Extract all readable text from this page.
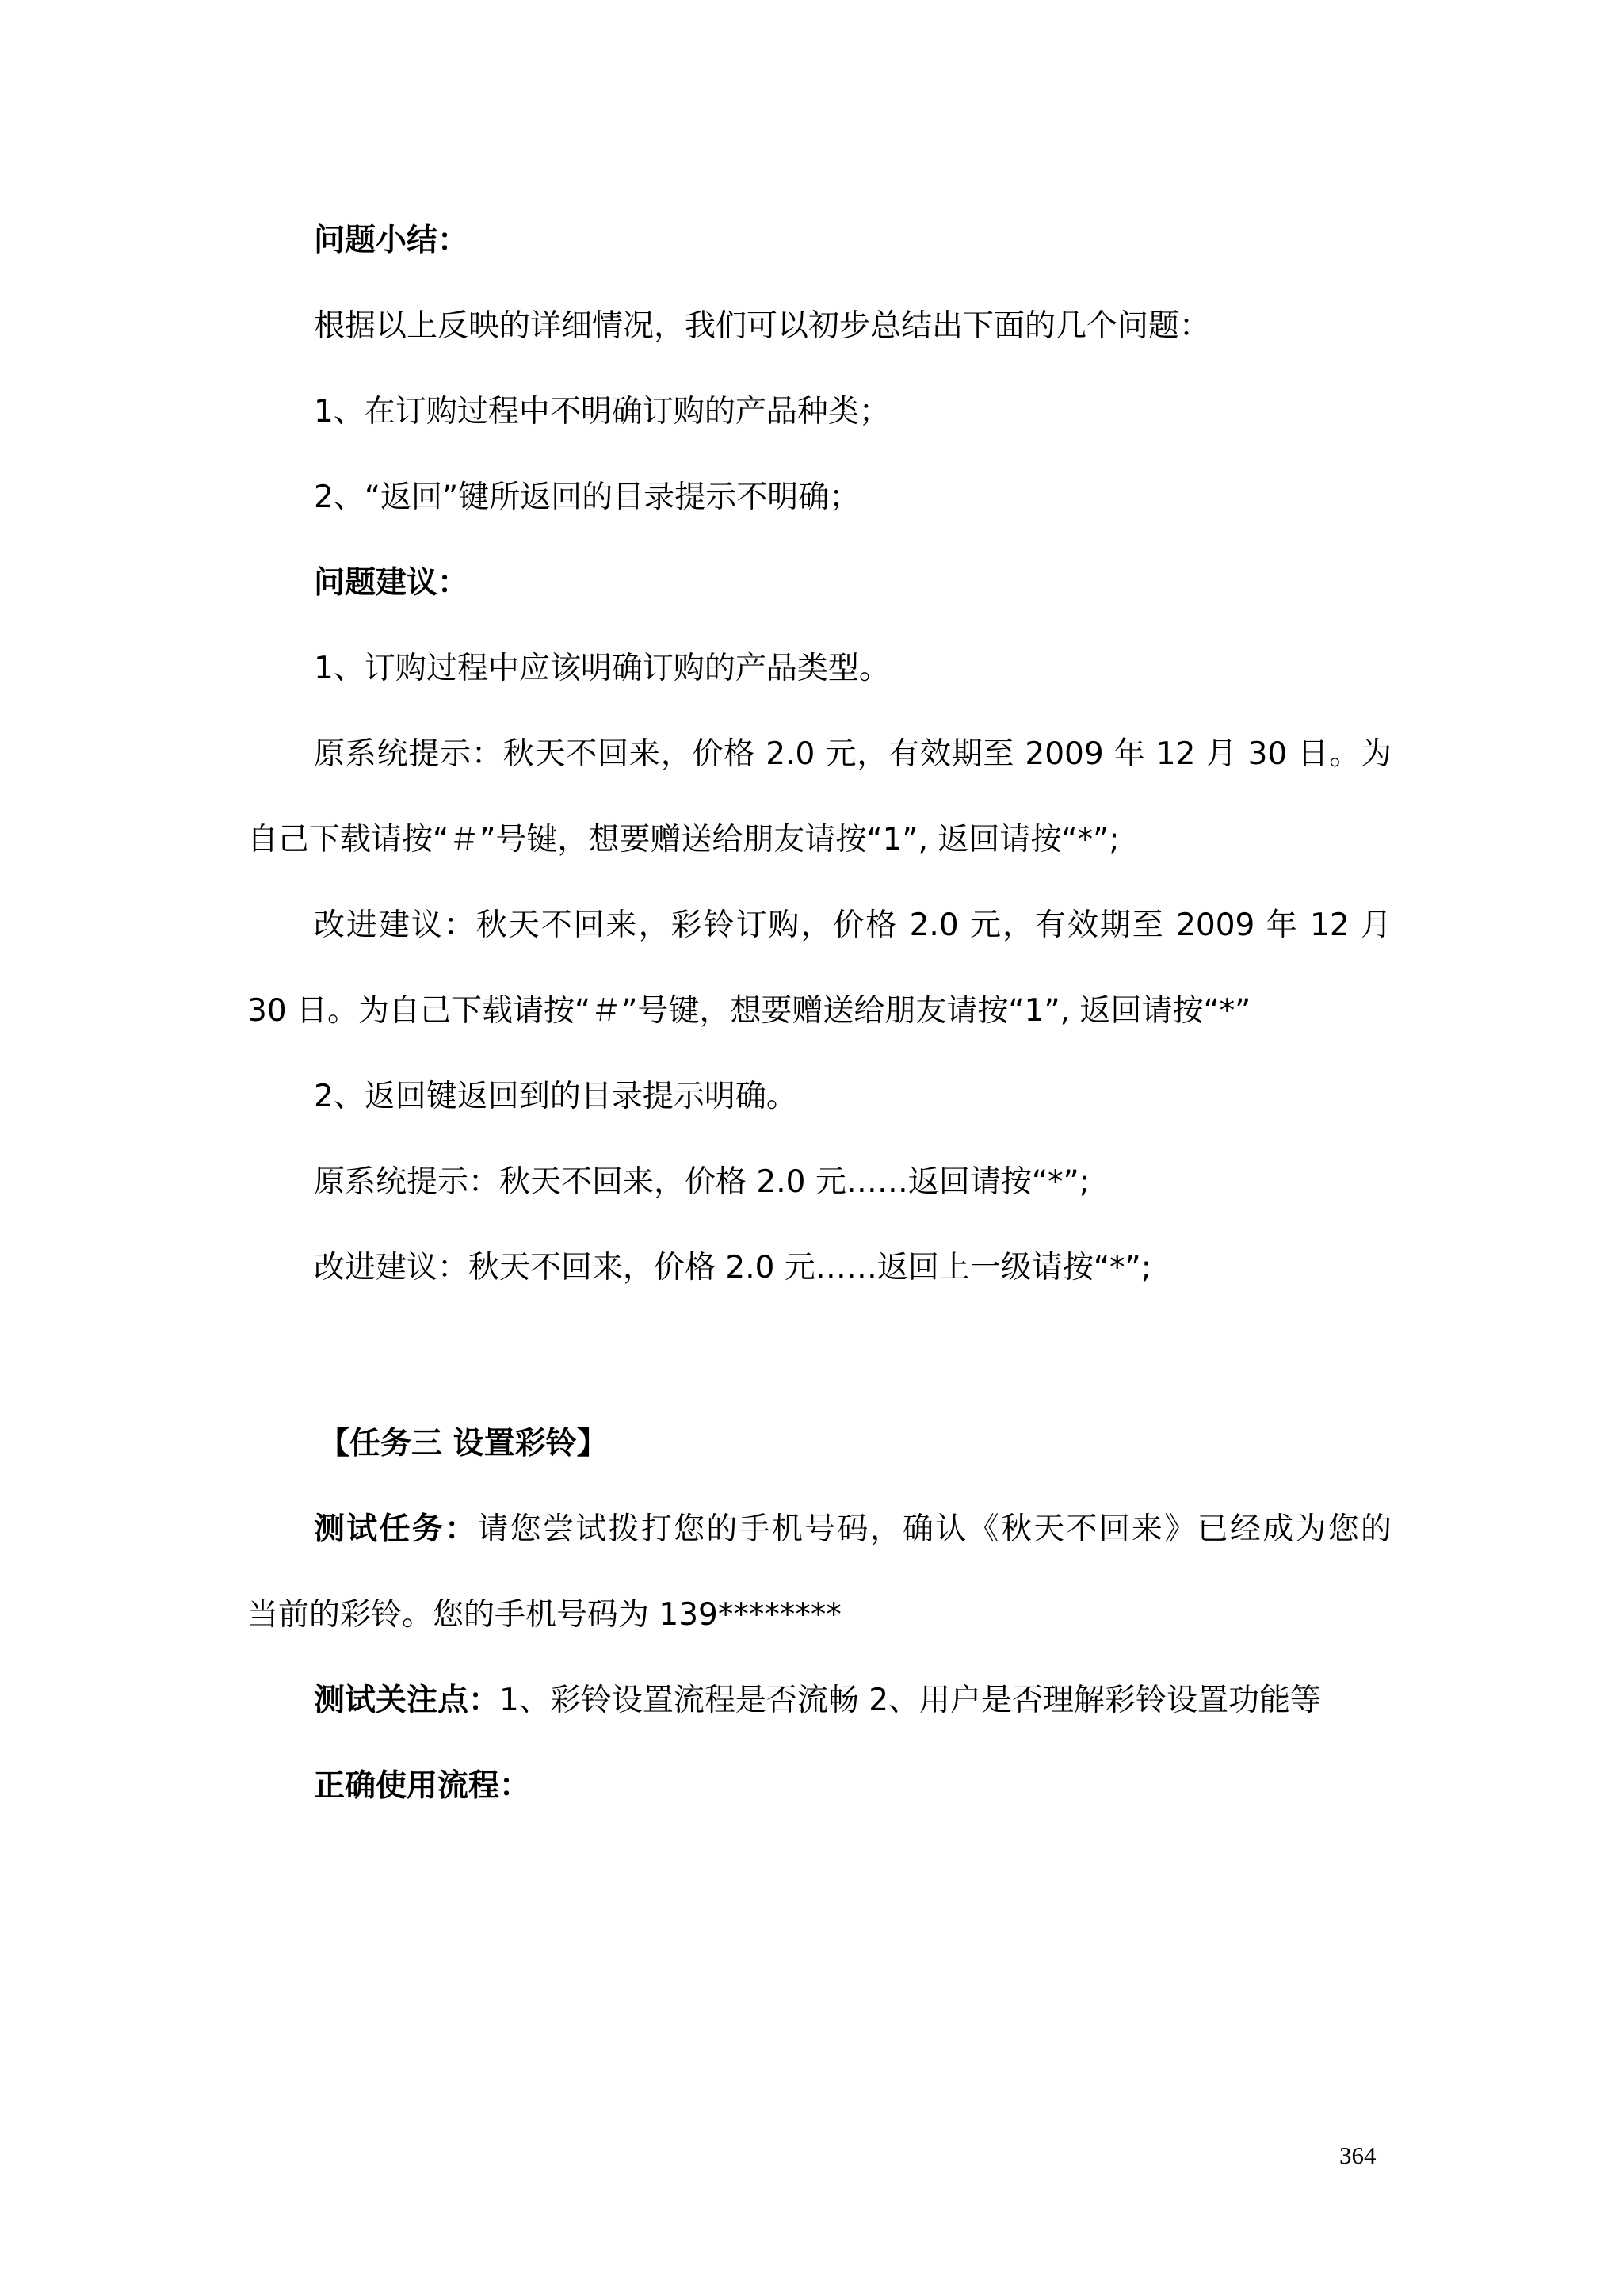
问题小结：
根据以上反映的详细情况，我们可以初步总结出下面的几个问题：
1、在订购过程中不明确订购的产品种类；
2、“返回”键所返回的目录提示不明确；
问题建议：
1、订购过程中应该明确订购的产品类型。
原系统提示：秋天不回来，价格 2.0 元，有效期至 2009 年 12 月 30 日。为
自己下载请按“＃”号键，想要赠送给朋友请按“1”, 返回请按“*”;
改进建议：秋天不回来，彩铃订购，价格 2.0 元，有效期至 2009 年 12 月
30 日。为自己下载请按“＃”号键，想要赠送给朋友请按“1”, 返回请按“*”
2、返回键返回到的目录提示明确。
原系统提示：秋天不回来，价格 2.0 元……返回请按“*”;
改进建议：秋天不回来，价格 2.0 元……返回上一级请按“*”;
【任务三 设置彩铃】
测试任务：请您尝试拨打您的手机号码，确认《秋天不回来》已经成为您的
当前的彩铃。您的手机号码为 139********
测试关注点：1、彩铃设置流程是否流畅 2、用户是否理解彩铃设置功能等
正确使用流程：
364
